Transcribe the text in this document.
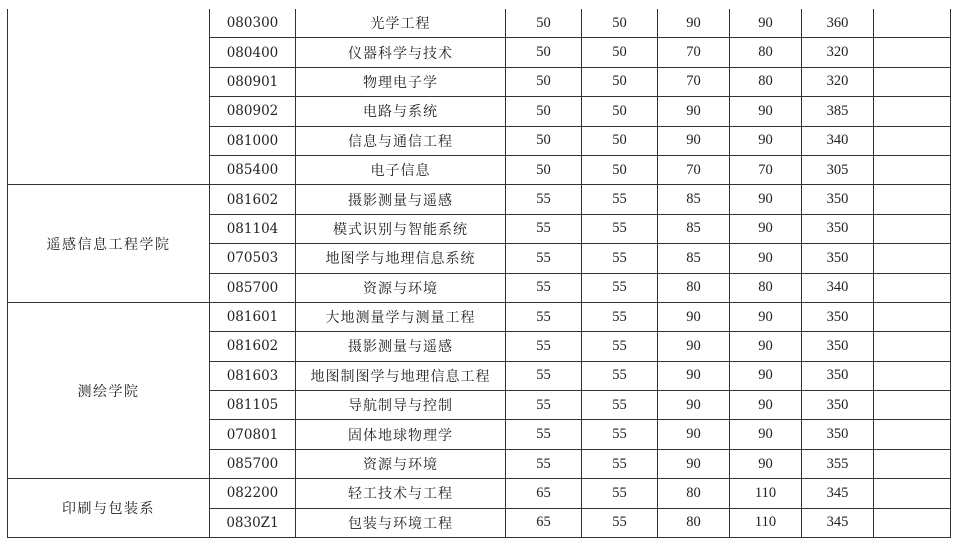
	080300	光学工程	50	50	90	90	360	
	080400	仪器科学与技术	50	50	70	80	320	
	080901	物理电子学	50	50	70	80	320	
	080902	电路与系统	50	50	90	90	385	
	081000	信息与通信工程	50	50	90	90	340	
	085400	电子信息	50	50	70	70	305	
遥感信息工程学院	081602	摄影测量与遥感	55	55	85	90	350	
	081104	模式识别与智能系统	55	55	85	90	350	
	070503	地图学与地理信息系统	55	55	85	90	350	
	085700	资源与环境	55	55	80	80	340	
测绘学院	081601	大地测量学与测量工程	55	55	90	90	350	
	081602	摄影测量与遥感	55	55	90	90	350	
	081603	地图制图学与地理信息工程	55	55	90	90	350	
	081105	导航制导与控制	55	55	90	90	350	
	070801	固体地球物理学	55	55	90	90	350	
	085700	资源与环境	55	55	90	90	355	
印刷与包装系	082200	轻工技术与工程	65	55	80	110	345	
	0830Z1	包装与环境工程	65	55	80	110	345	
